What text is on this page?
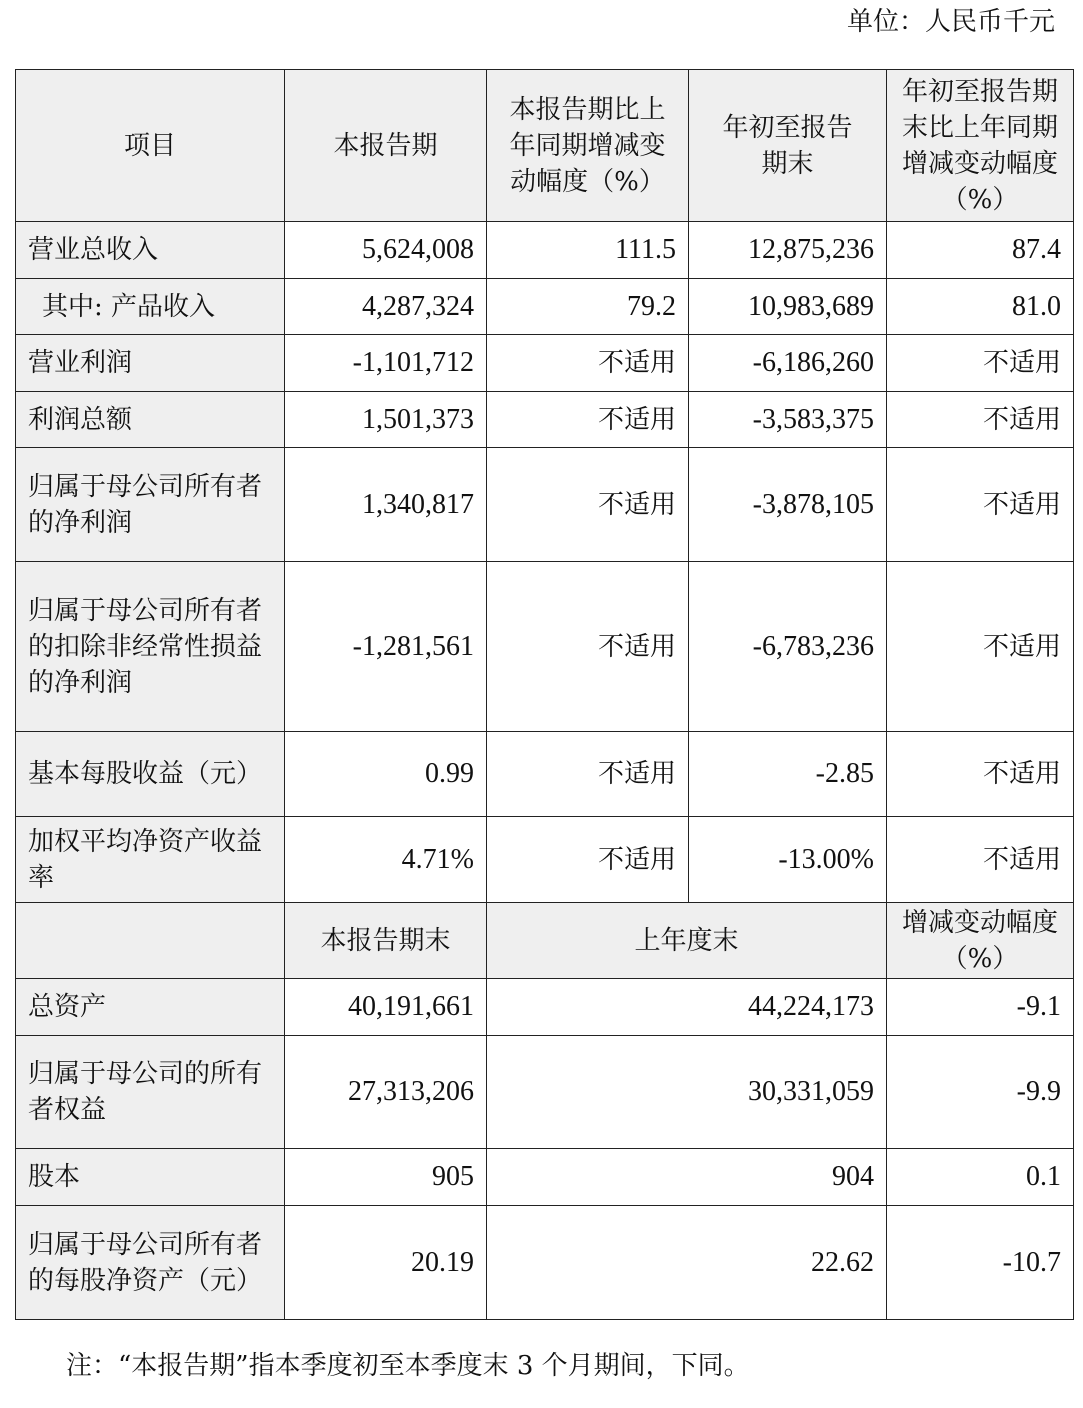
单位：人民币千元
项目	本报告期	本报告期比上年同期增减变动幅度（%）	年初至报告期末	年初至报告期末比上年同期增减变动幅度（%）
营业总收入	5,624,008	111.5	12,875,236	87.4
其中: 产品收入	4,287,324	79.2	10,983,689	81.0
营业利润	-1,101,712	不适用	-6,186,260	不适用
利润总额	1,501,373	不适用	-3,583,375	不适用
归属于母公司所有者的净利润	1,340,817	不适用	-3,878,105	不适用
归属于母公司所有者的扣除非经常性损益的净利润	-1,281,561	不适用	-6,783,236	不适用
基本每股收益（元）	0.99	不适用	-2.85	不适用
加权平均净资产收益率	4.71%	不适用	-13.00%	不适用
	本报告期末	上年度末		增减变动幅度（%）
总资产	40,191,661	44,224,173		-9.1
归属于母公司的所有者权益	27,313,206	30,331,059		-9.9
股本	905	904		0.1
归属于母公司所有者的每股净资产（元）	20.19	22.62		-10.7
注：“本报告期”指本季度初至本季度末 3 个月期间，下同。
